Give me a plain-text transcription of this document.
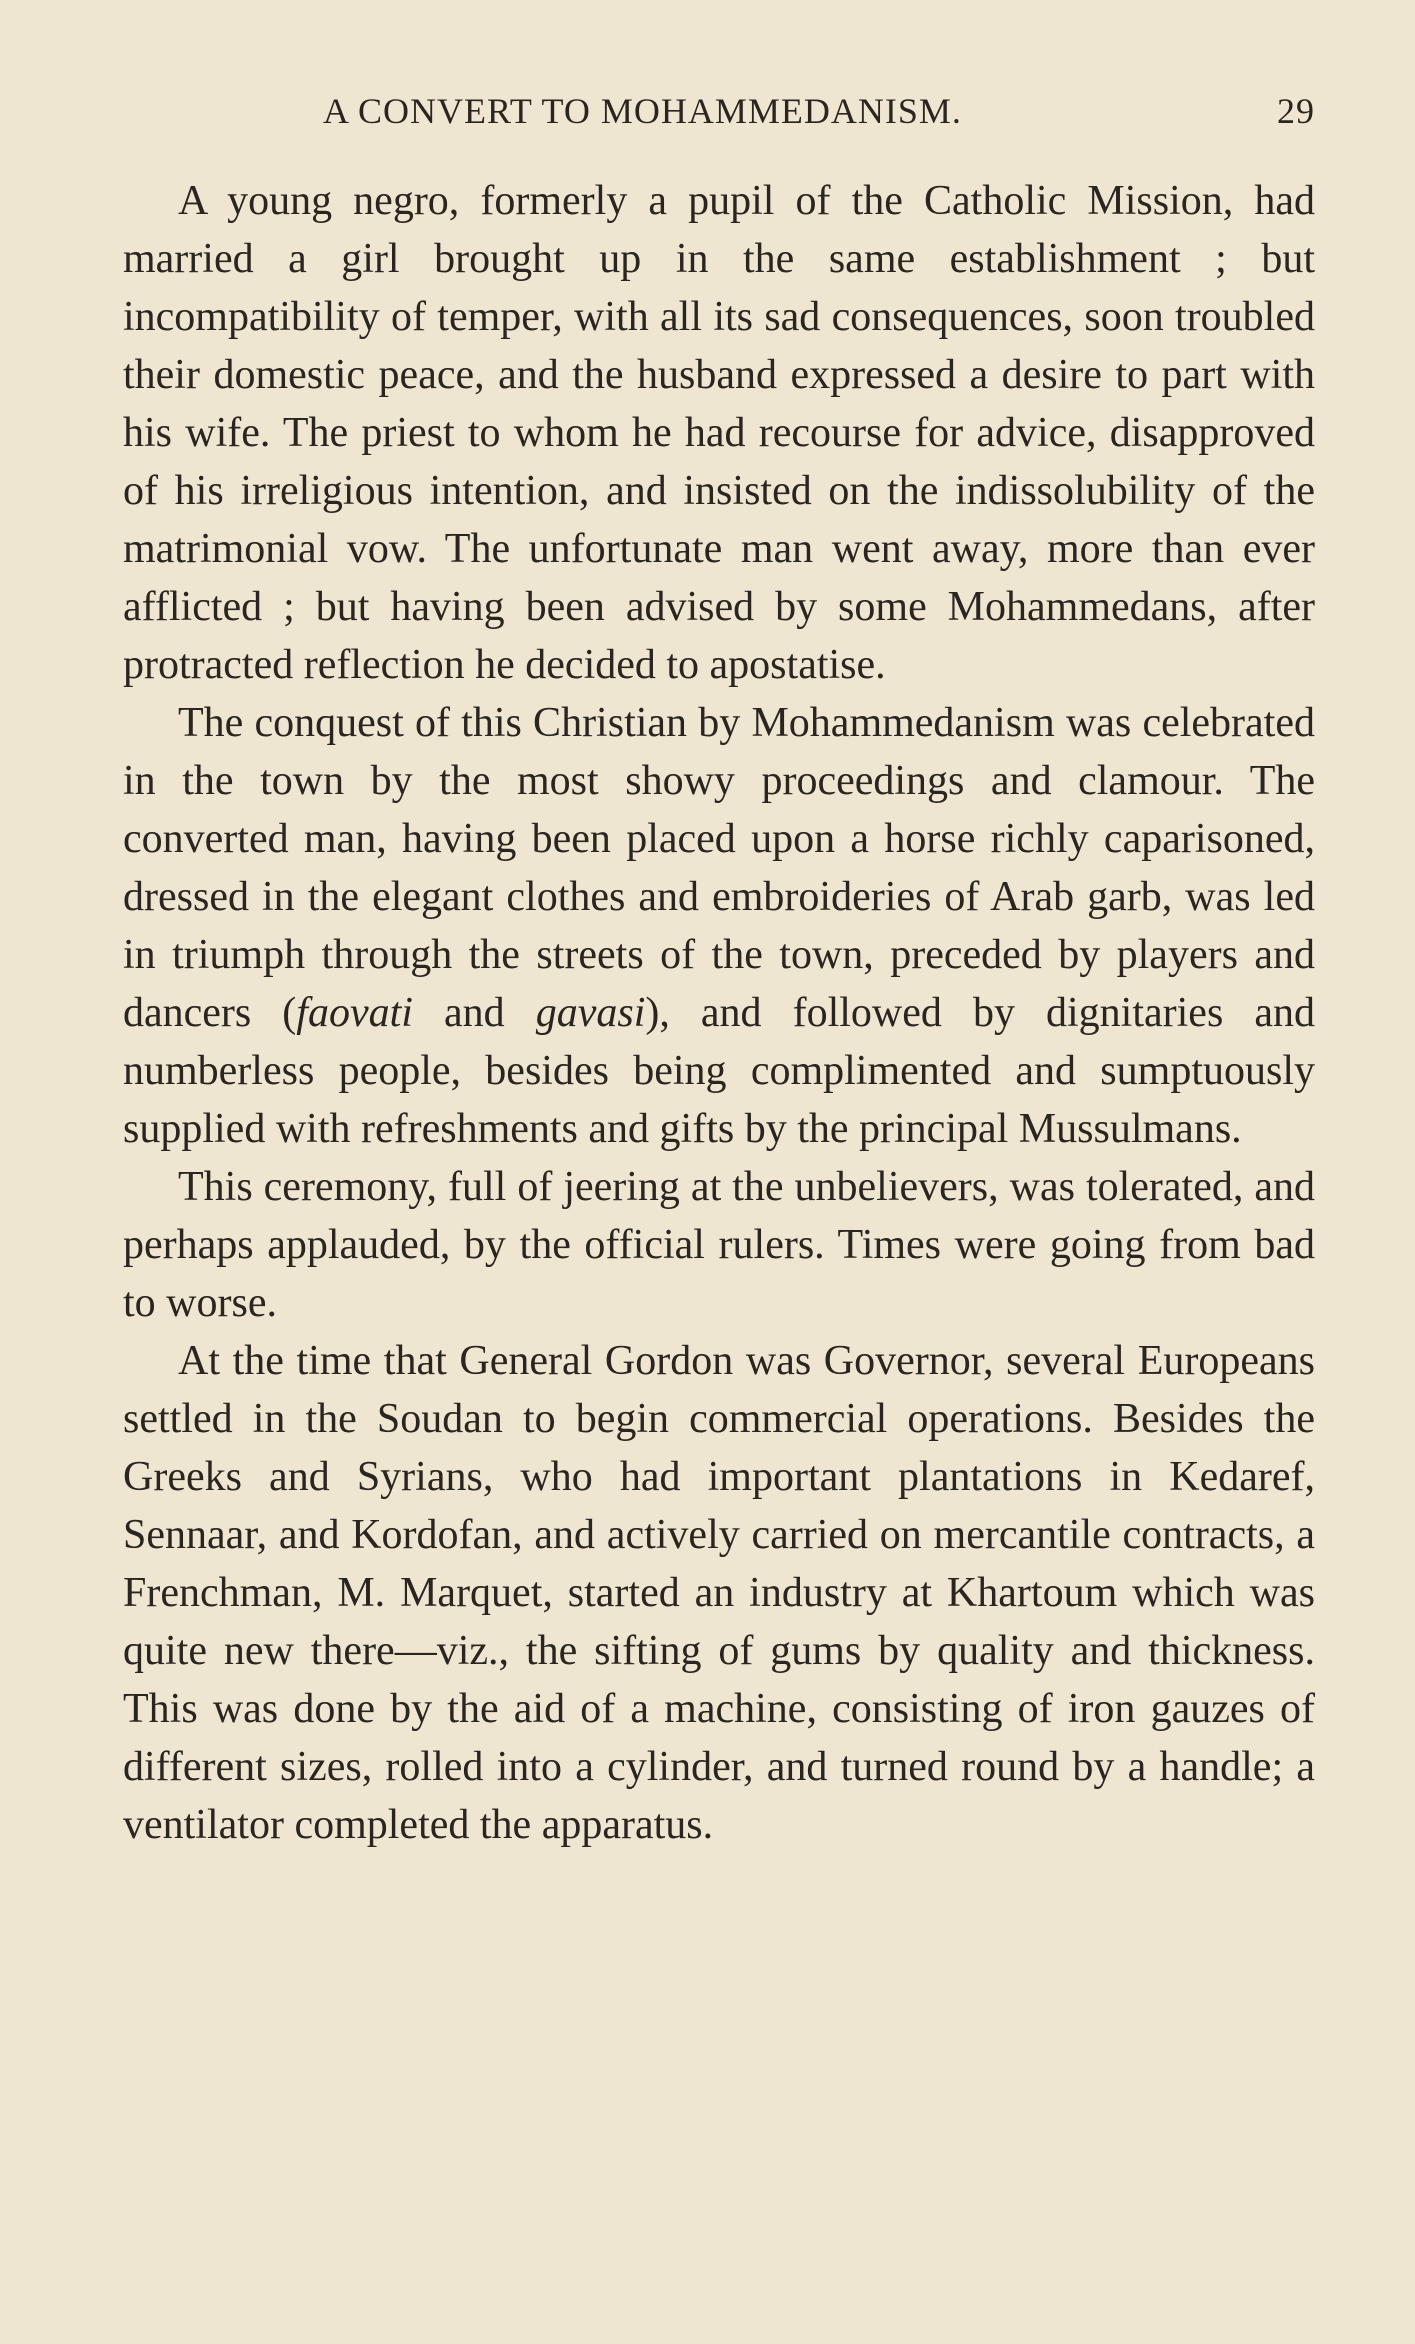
A CONVERT TO MOHAMMEDANISM.	29

A young negro, formerly a pupil of the Catholic Mission, had married a girl brought up in the same establishment ; but incompatibility of temper, with all its sad consequences, soon troubled their domestic peace, and the husband expressed a desire to part with his wife. The priest to whom he had recourse for advice, disapproved of his irreligious intention, and insisted on the indissolubility of the matrimonial vow. The unfortunate man went away, more than ever afflicted ; but having been advised by some Mohammedans, after protracted reflection he decided to apostatise.

The conquest of this Christian by Mohammedanism was celebrated in the town by the most showy proceedings and clamour. The converted man, having been placed upon a horse richly caparisoned, dressed in the elegant clothes and embroideries of Arab garb, was led in triumph through the streets of the town, preceded by players and dancers (faovati and gavasi), and followed by dignitaries and numberless people, besides being complimented and sumptuously supplied with refreshments and gifts by the principal Mussulmans.

This ceremony, full of jeering at the unbelievers, was tolerated, and perhaps applauded, by the official rulers. Times were going from bad to worse.

At the time that General Gordon was Governor, several Europeans settled in the Soudan to begin commercial operations. Besides the Greeks and Syrians, who had important plantations in Kedaref, Sennaar, and Kordofan, and actively carried on mercantile contracts, a Frenchman, M. Marquet, started an industry at Khartoum which was quite new there—viz., the sifting of gums by quality and thickness. This was done by the aid of a machine, consisting of iron gauzes of different sizes, rolled into a cylinder, and turned round by a handle; a ventilator completed the apparatus.
